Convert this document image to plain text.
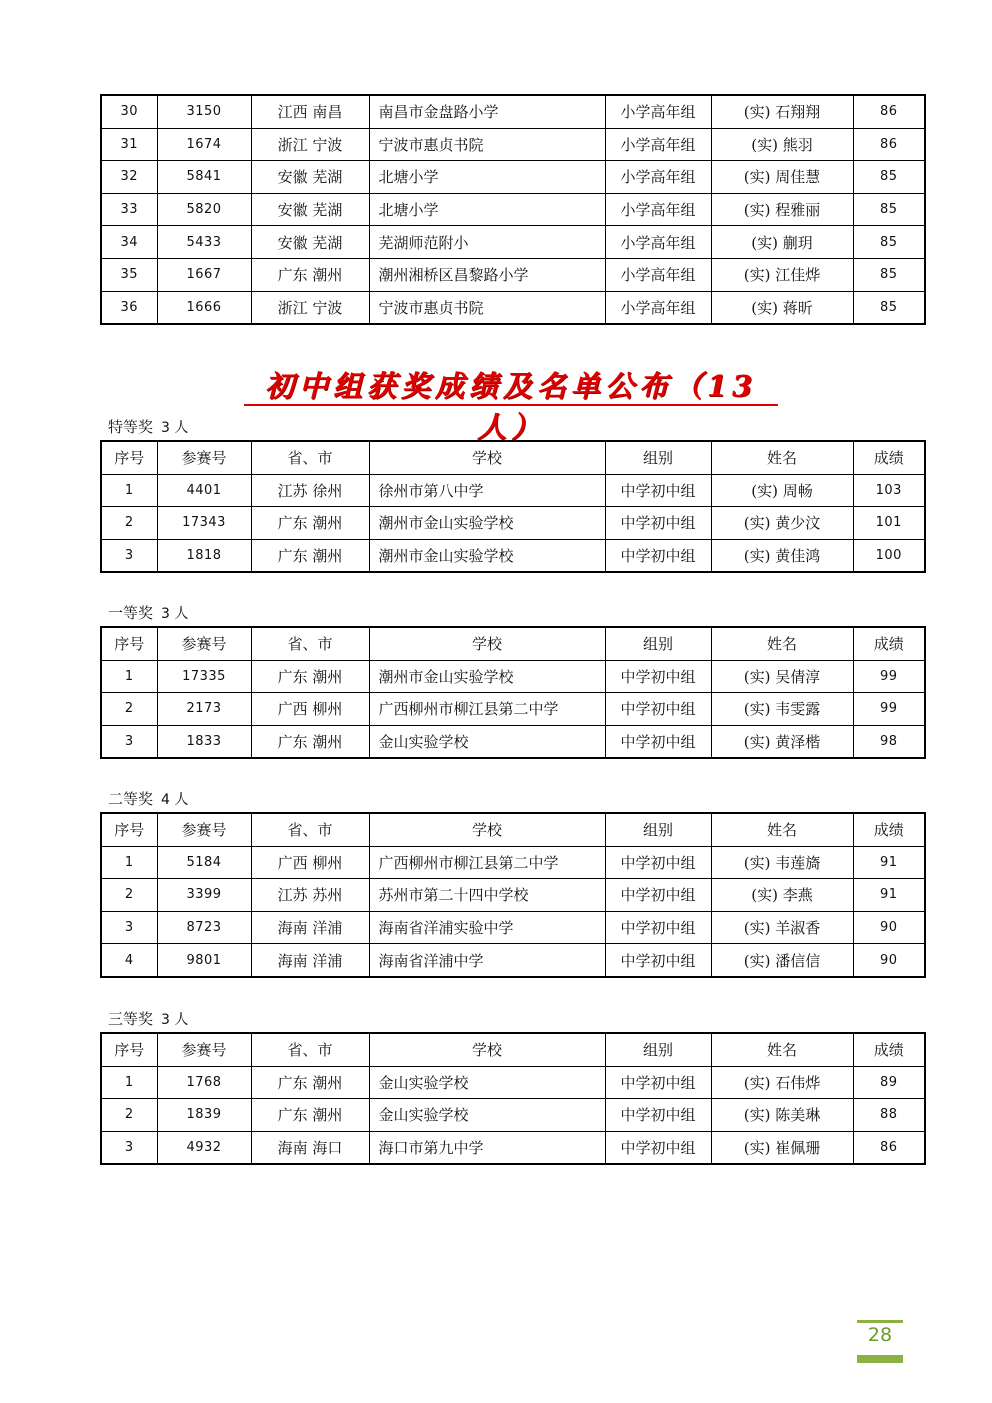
30	3150	江西 南昌	南昌市金盘路小学	小学高年组	(实) 石翔翔	86
31	1674	浙江 宁波	宁波市惠贞书院	小学高年组	(实) 熊羽	86
32	5841	安徽 芜湖	北塘小学	小学高年组	(实) 周佳慧	85
33	5820	安徽 芜湖	北塘小学	小学高年组	(实) 程雅丽	85
34	5433	安徽 芜湖	芜湖师范附小	小学高年组	(实) 蒯玥	85
35	1667	广东 潮州	潮州湘桥区昌黎路小学	小学高年组	(实) 江佳烨	85
36	1666	浙江 宁波	宁波市惠贞书院	小学高年组	(实) 蒋昕	85
初中组获奖成绩及名单公布（13人）
特等奖 3 人
序号	参赛号	省、市	学校	组别	姓名	成绩
1	4401	江苏 徐州	徐州市第八中学	中学初中组	(实) 周畅	103
2	17343	广东 潮州	潮州市金山实验学校	中学初中组	(实) 黄少汶	101
3	1818	广东 潮州	潮州市金山实验学校	中学初中组	(实) 黄佳鸿	100
一等奖 3 人
序号	参赛号	省、市	学校	组别	姓名	成绩
1	17335	广东 潮州	潮州市金山实验学校	中学初中组	(实) 吴倩淳	99
2	2173	广西 柳州	广西柳州市柳江县第二中学	中学初中组	(实) 韦雯露	99
3	1833	广东 潮州	金山实验学校	中学初中组	(实) 黄泽楷	98
二等奖 4 人
序号	参赛号	省、市	学校	组别	姓名	成绩
1	5184	广西 柳州	广西柳州市柳江县第二中学	中学初中组	(实) 韦莲旖	91
2	3399	江苏 苏州	苏州市第二十四中学校	中学初中组	(实) 李燕	91
3	8723	海南 洋浦	海南省洋浦实验中学	中学初中组	(实) 羊淑香	90
4	9801	海南 洋浦	海南省洋浦中学	中学初中组	(实) 潘信信	90
三等奖 3 人
序号	参赛号	省、市	学校	组别	姓名	成绩
1	1768	广东 潮州	金山实验学校	中学初中组	(实) 石伟烨	89
2	1839	广东 潮州	金山实验学校	中学初中组	(实) 陈美琳	88
3	4932	海南 海口	海口市第九中学	中学初中组	(实) 崔佩珊	86
28
